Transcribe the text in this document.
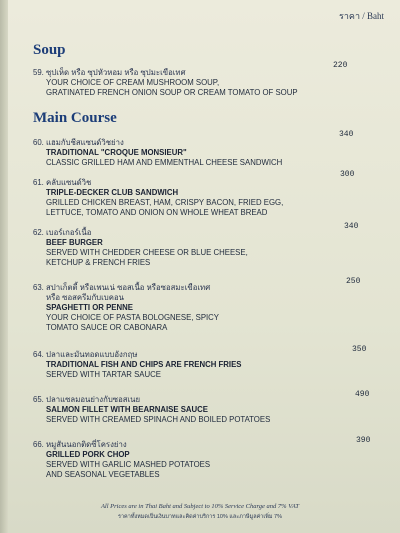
ราคา / Baht
Soup
59. ซุปเห็ด หรือ ซุปหัวหอม หรือ ซุปมะเขือเทศ
YOUR CHOICE OF CREAM MUSHROOM SOUP,
GRATINATED FRENCH ONION SOUP OR CREAM TOMATO OF SOUP
220
Main Course
60. แฮมกับชีสแซนด์วิชย่าง
TRADITIONAL "CROQUE MONSIEUR"
CLASSIC GRILLED HAM AND EMMENTHAL CHEESE SANDWICH
340
61. คลับแซนด์วิช
TRIPLE-DECKER CLUB SANDWICH
GRILLED CHICKEN BREAST, HAM, CRISPY BACON, FRIED EGG,
LETTUCE, TOMATO AND ONION ON WHOLE WHEAT BREAD
300
62. เบอร์เกอร์เนื้อ
BEEF BURGER
SERVED WITH CHEDDER CHEESE OR BLUE CHEESE,
KETCHUP & FRENCH FRIES
340
63. สปาเก็ตตี้ หรือเพนเน่ ซอสเนื้อ หรือซอสมะเขือเทศ
หรือ ซอสครีมกับเบคอน
SPAGHETTI OR PENNE
YOUR CHOICE OF PASTA BOLOGNESE, SPICY
TOMATO SAUCE OR CABONARA
250
64. ปลาและมันทอดแบบอังกฤษ
TRADITIONAL FISH AND CHIPS ARE FRENCH FRIES
SERVED WITH TARTAR SAUCE
350
65. ปลาแซลมอนย่างกับซอสเนย
SALMON FILLET WITH BEARNAISE SAUCE
SERVED WITH CREAMED SPINACH AND BOILED POTATOES
490
66. หมูสันนอกติดซี่โครงย่าง
GRILLED PORK CHOP
SERVED WITH GARLIC MASHED POTATOES
AND SEASONAL VEGETABLES
390
All Prices are in Thai Baht and Subject to 10% Service Charge and 7% VAT
ราคาทั้งหมดเป็นเงินบาทและคิดค่าบริการ 10% และภาษีมูลค่าเพิ่ม 7%
